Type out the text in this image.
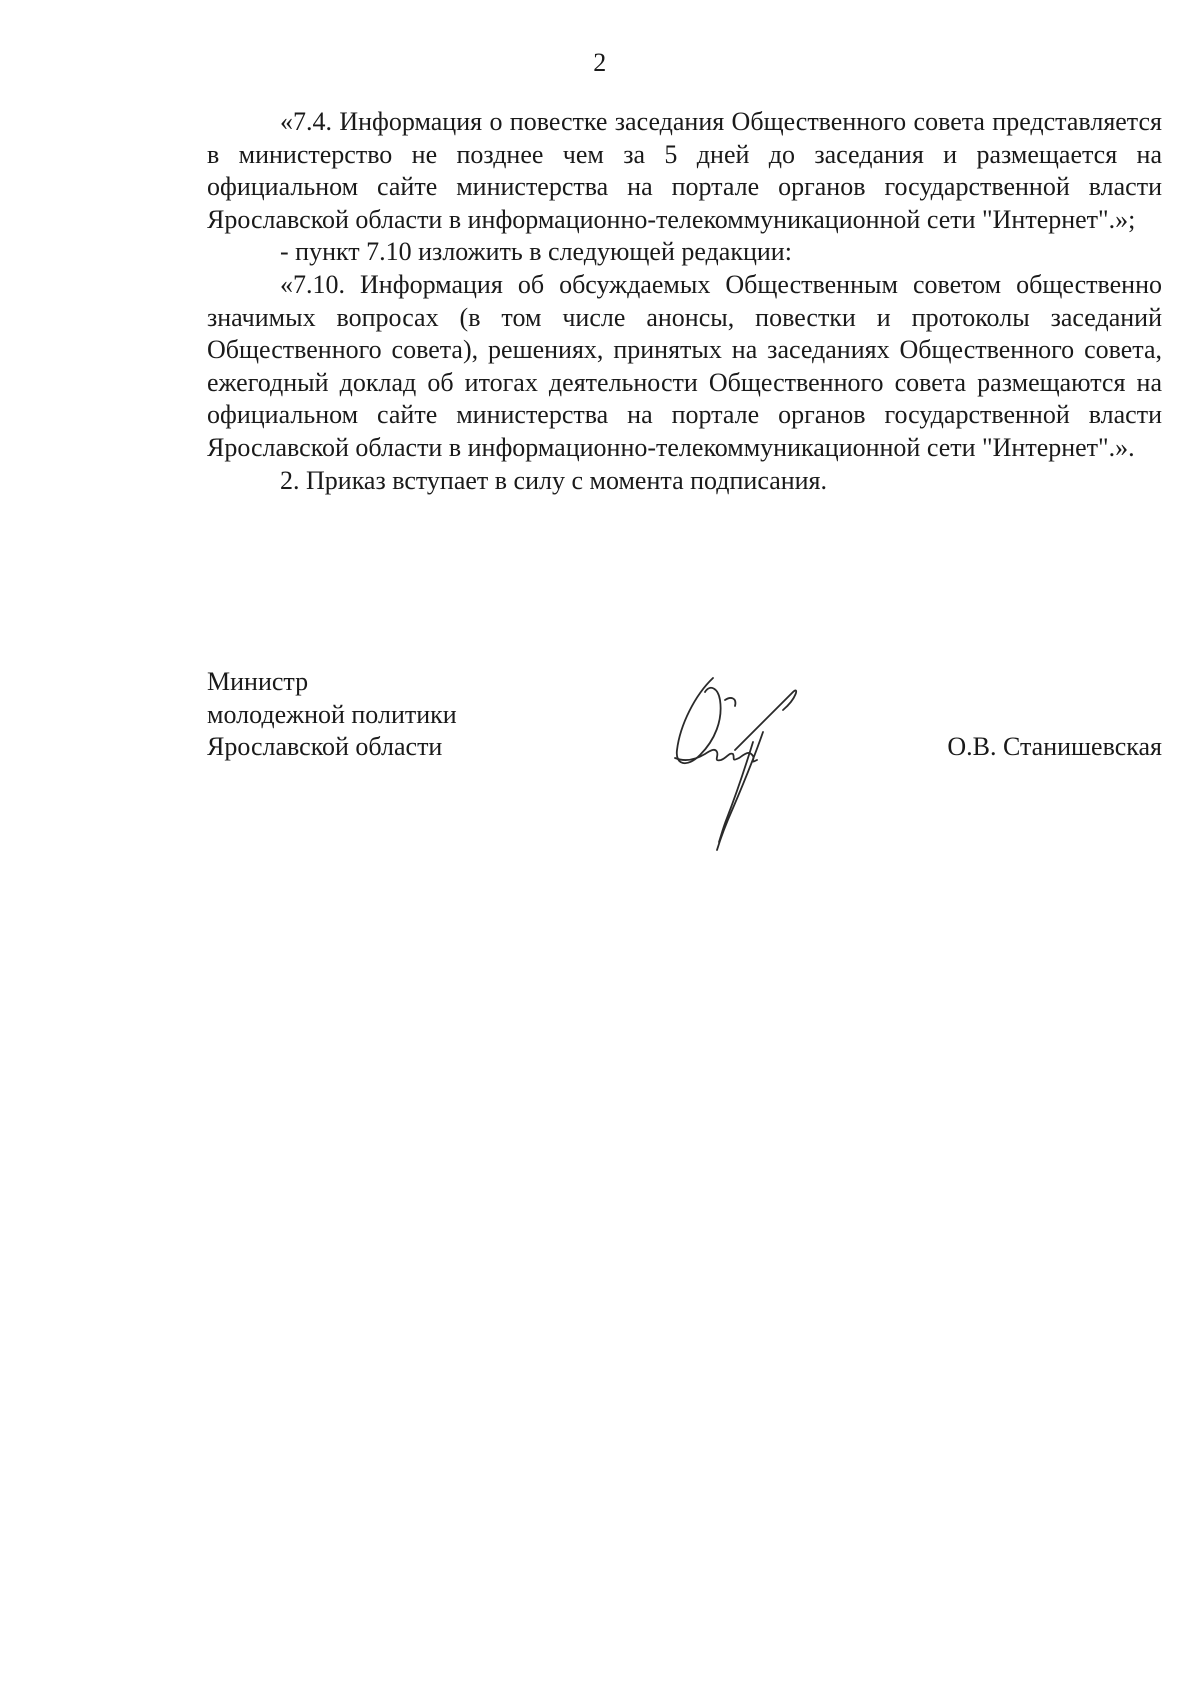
2

«7.4. Информация о повестке заседания Общественного совета представляется в министерство не позднее чем за 5 дней до заседания и размещается на официальном сайте министерства на портале органов государственной власти Ярославской области в информационно-телекоммуникационной сети "Интернет".»;

- пункт 7.10 изложить в следующей редакции:

«7.10. Информация об обсуждаемых Общественным советом общественно значимых вопросах (в том числе анонсы, повестки и протоколы заседаний Общественного совета), решениях, принятых на заседаниях Общественного совета, ежегодный доклад об итогах деятельности Общественного совета размещаются на официальном сайте министерства на портале органов государственной власти Ярославской области в информационно-телекоммуникационной сети "Интернет".».

2. Приказ вступает в силу с момента подписания.

Министр
молодежной политики
Ярославской области	О.В. Станишевская
